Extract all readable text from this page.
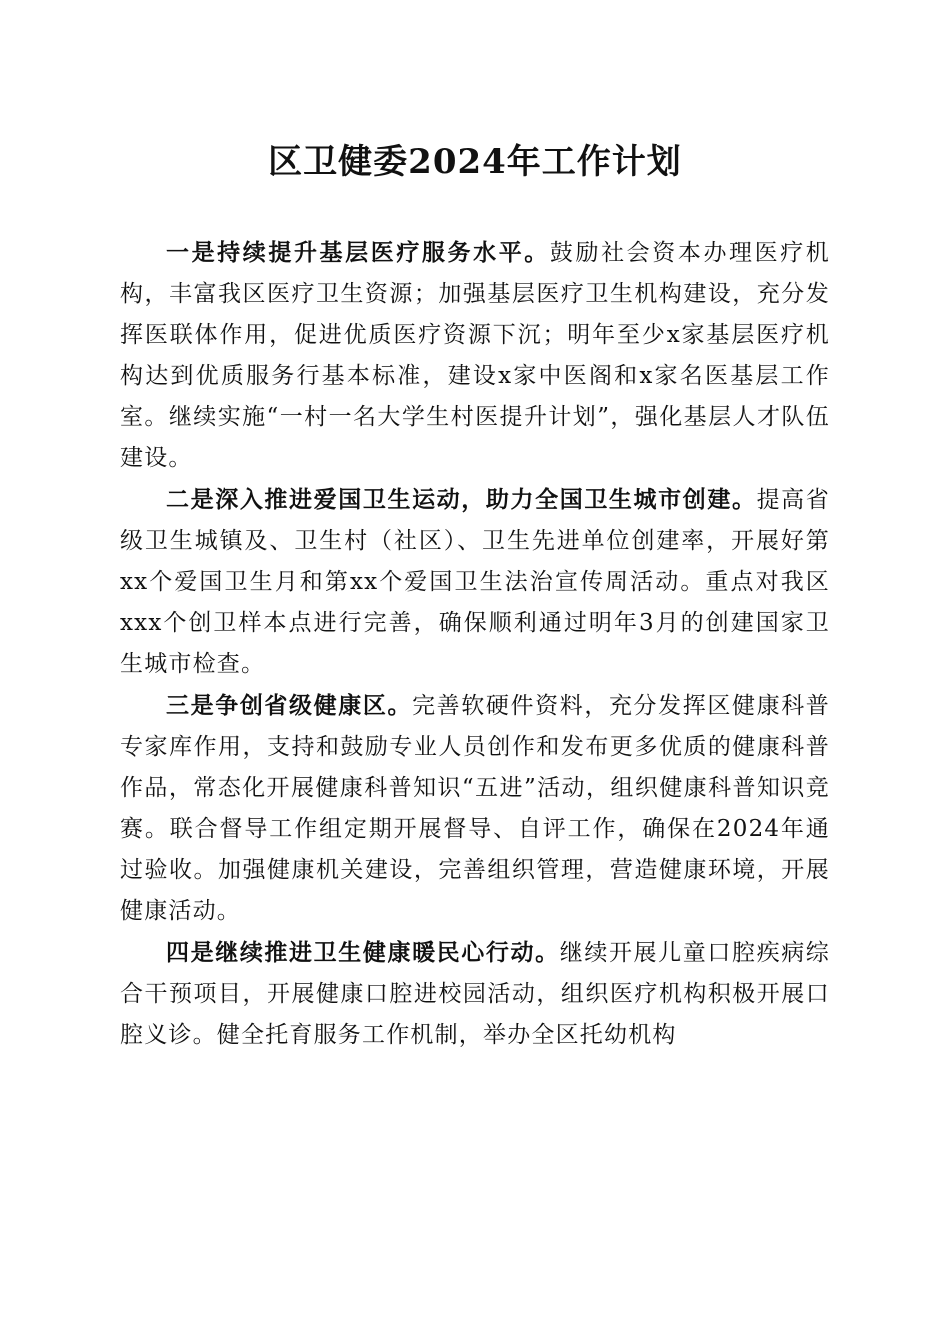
区卫健委2024年工作计划

一是持续提升基层医疗服务水平。鼓励社会资本办理医疗机构，丰富我区医疗卫生资源；加强基层医疗卫生机构建设，充分发挥医联体作用，促进优质医疗资源下沉；明年至少x家基层医疗机构达到优质服务行基本标准，建设x家中医阁和x家名医基层工作室。继续实施“一村一名大学生村医提升计划”，强化基层人才队伍建设。

二是深入推进爱国卫生运动，助力全国卫生城市创建。提高省级卫生城镇及、卫生村（社区）、卫生先进单位创建率，开展好第xx个爱国卫生月和第xx个爱国卫生法治宣传周活动。重点对我区xxx个创卫样本点进行完善，确保顺利通过明年3月的创建国家卫生城市检查。

三是争创省级健康区。完善软硬件资料，充分发挥区健康科普专家库作用，支持和鼓励专业人员创作和发布更多优质的健康科普作品，常态化开展健康科普知识“五进”活动，组织健康科普知识竞赛。联合督导工作组定期开展督导、自评工作，确保在2024年通过验收。加强健康机关建设，完善组织管理，营造健康环境，开展健康活动。

四是继续推进卫生健康暖民心行动。继续开展儿童口腔疾病综合干预项目，开展健康口腔进校园活动，组织医疗机构积极开展口腔义诊。健全托育服务工作机制，举办全区托幼机构
